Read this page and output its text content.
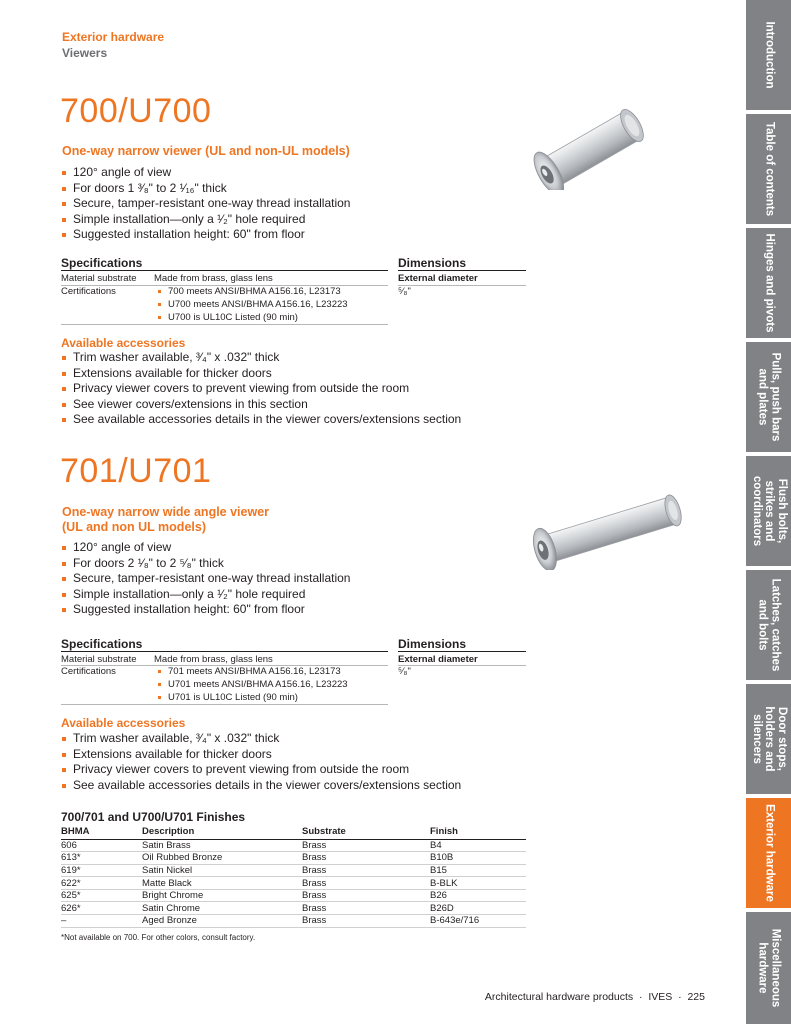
Exterior hardware
Viewers
700/U700
One-way narrow viewer (UL and non-UL models)
120° angle of view
For doors 1 ³⁄₈" to 2 ¹⁄₁₆" thick
Secure, tamper-resistant one-way thread installation
Simple installation—only a ¹⁄₂" hole required
Suggested installation height: 60" from floor
Specifications
Material substrate Made from brass, glass lens
Certifications	700 meets ANSI/BHMA A156.16, L23173
U700 meets ANSI/BHMA A156.16, L23223
U700 is UL10C Listed (90 min)
Dimensions
External diameter
⁵⁄₈"
Available accessories
Trim washer available, ³⁄₄" x .032" thick
Extensions available for thicker doors
Privacy viewer covers to prevent viewing from outside the room
See viewer covers/extensions in this section
See available accessories details in the viewer covers/extensions section
701/U701
One-way narrow wide angle viewer
(UL and non UL models)
120° angle of view
For doors 2 ¹⁄₈" to 2 ⁵⁄₈" thick
Secure, tamper-resistant one-way thread installation
Simple installation—only a ¹⁄₂" hole required
Suggested installation height: 60" from floor
Specifications
Material substrate Made from brass, glass lens
Certifications	701 meets ANSI/BHMA A156.16, L23173
U701 meets ANSI/BHMA A156.16, L23223
U701 is UL10C Listed (90 min)
Dimensions
External diameter
⁵⁄₈"
Available accessories
Trim washer available, ³⁄₄" x .032" thick
Extensions available for thicker doors
Privacy viewer covers to prevent viewing from outside the room
See available accessories details in the viewer covers/extensions section
700/701 and U700/U701 Finishes
BHMA	Description	Substrate	Finish
606	Satin Brass	Brass	B4
613*	Oil Rubbed Bronze	Brass	B10B
619*	Satin Nickel	Brass	B15
622*	Matte Black	Brass	B-BLK
625*	Bright Chrome	Brass	B26
626*	Satin Chrome	Brass	B26D
–	Aged Bronze	Brass	B-643e/716
*Not available on 700. For other colors, consult factory.
Introduction
Table of contents
Hinges and pivots
Pulls, push bars and plates
Flush bolts, strikes and coordinators
Latches, catches and bolts
Door stops, holders and silencers
Exterior hardware
Miscellaneous hardware
Architectural hardware products  ·  IVES  ·  225
